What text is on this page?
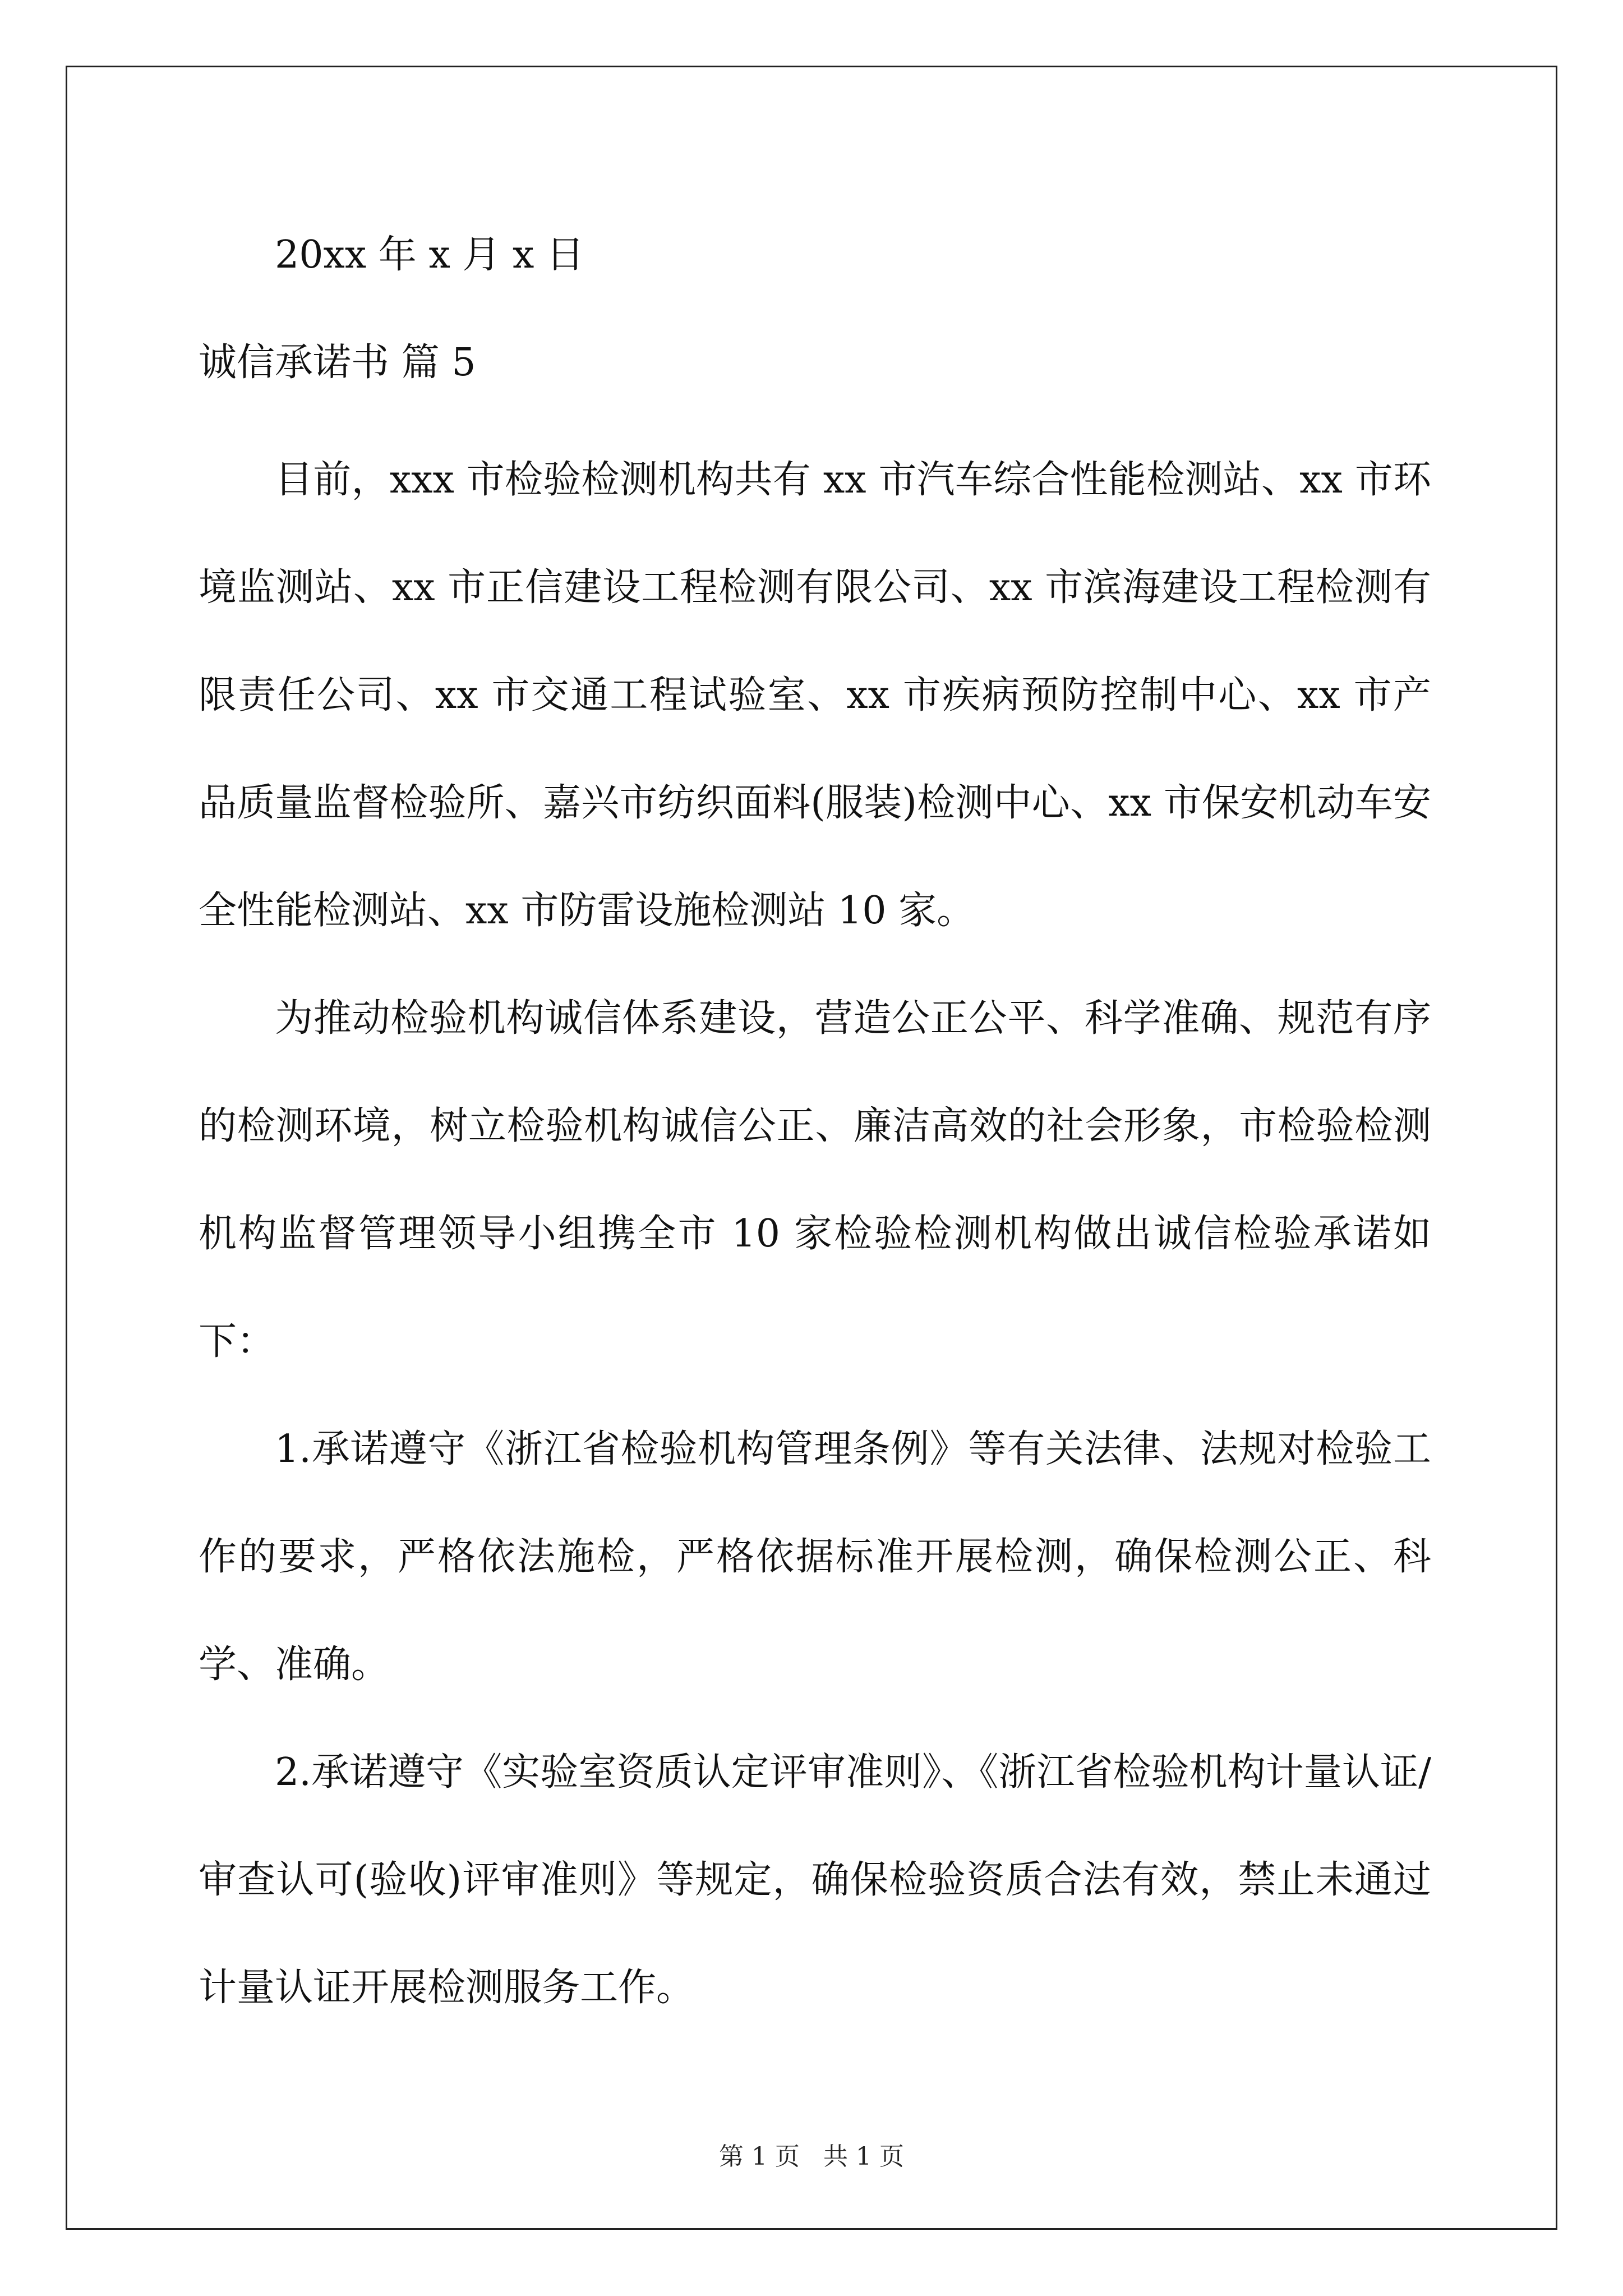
20xx 年 x 月 x 日
诚信承诺书 篇 5

目前，xxx 市检验检测机构共有 xx 市汽车综合性能检测站、xx 市环境监测站、xx 市正信建设工程检测有限公司、xx 市滨海建设工程检测有限责任公司、xx 市交通工程试验室、xx 市疾病预防控制中心、xx 市产品质量监督检验所、嘉兴市纺织面料(服装)检测中心、xx 市保安机动车安全性能检测站、xx 市防雷设施检测站 10 家。

为推动检验机构诚信体系建设，营造公正公平、科学准确、规范有序的检测环境，树立检验机构诚信公正、廉洁高效的社会形象，市检验检测机构监督管理领导小组携全市 10 家检验检测机构做出诚信检验承诺如下：

1.承诺遵守《浙江省检验机构管理条例》等有关法律、法规对检验工作的要求，严格依法施检，严格依据标准开展检测，确保检测公正、科学、准确。

2.承诺遵守《实验室资质认定评审准则》、《浙江省检验机构计量认证/审查认可(验收)评审准则》等规定，确保检验资质合法有效，禁止未通过计量认证开展检测服务工作。

第 1 页 共 1 页
